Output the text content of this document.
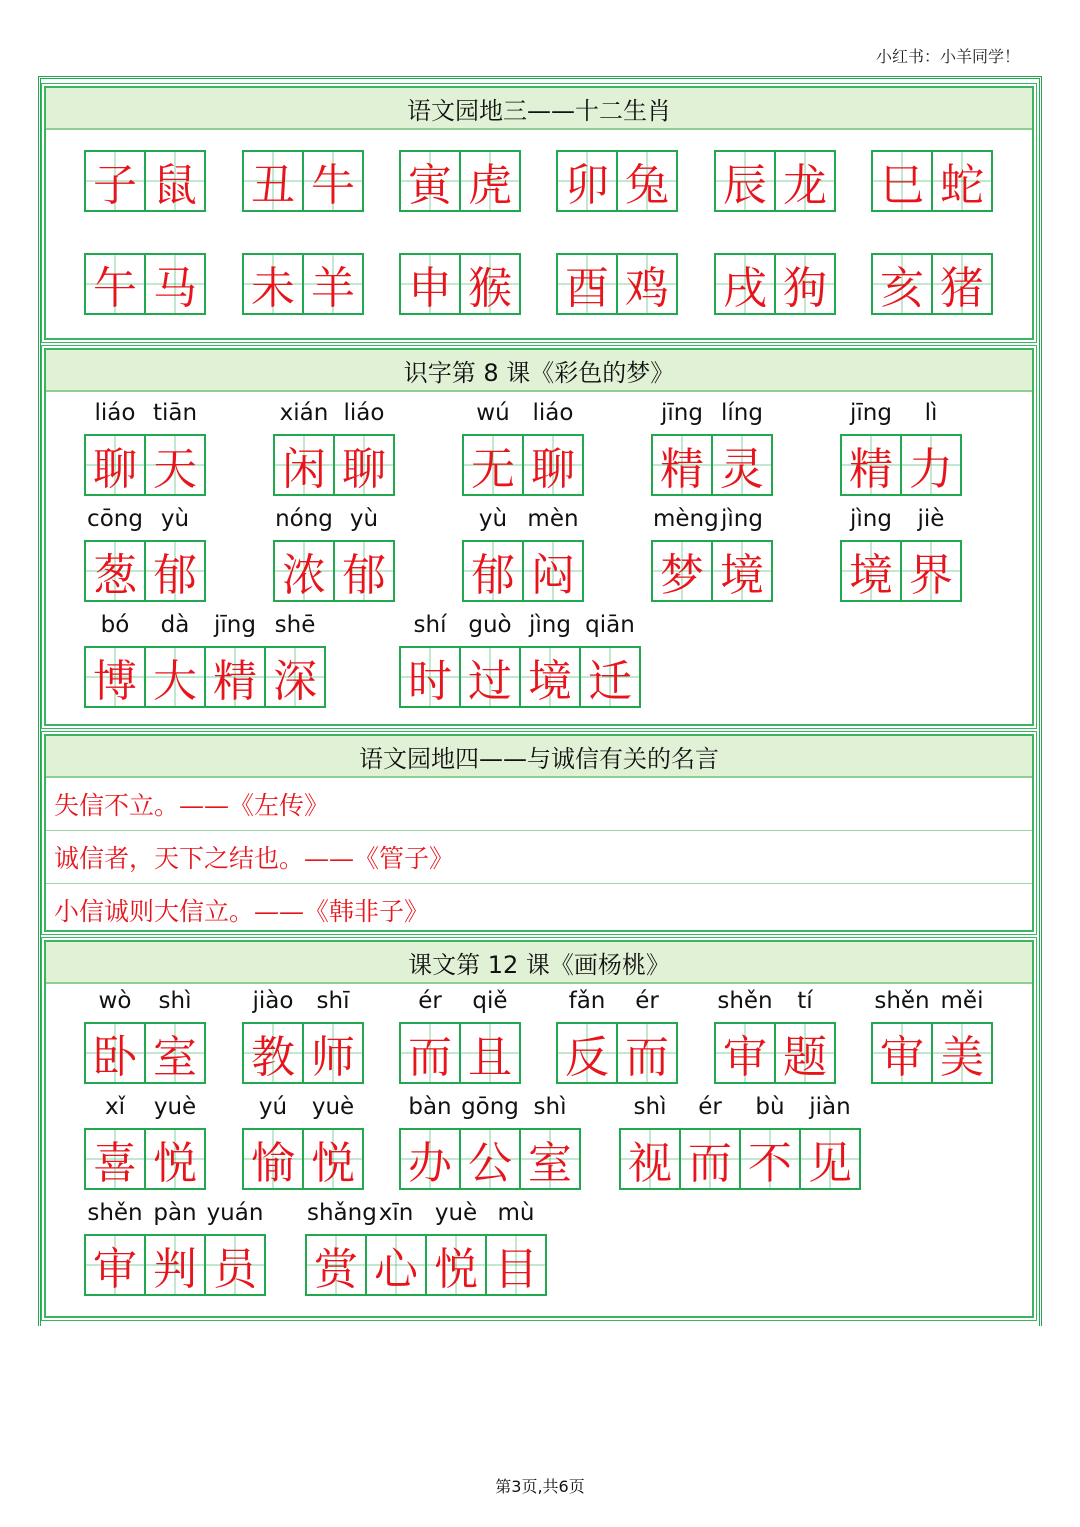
小红书：小羊同学！
语文园地三——十二生肖
子 鼠 丑 牛 寅 虎 卯 兔 辰 龙 巳 蛇
午 马 未 羊 申 猴 酉 鸡 戌 狗 亥 猪
识字第 8 课《彩色的梦》
聊
liáo
天
tiān
闲
xián
聊
liáo
无
wú
聊
liáo
精
jīng
灵
líng
精
jīng
力
lì
葱
cōng
郁
yù
浓
nóng
郁
yù
郁
yù
闷
mèn
梦
mèng
境
jìng
境
jìng
界
jiè
博
bó
大
dà
精
jīng
深
shē
时
shí
过
guò
境
jìng
迁
qiān
语文园地四——与诚信有关的名言
失信不立。——《左传》
诚信者，天下之结也。——《管子》
小信诚则大信立。——《韩非子》
课文第 12 课《画杨桃》
卧
wò
室
shì
教
jiào
师
shī
而
ér
且
qiě
反
fǎn
而
ér
审
shěn
题
tí
审
shěn
美
měi
喜
xǐ
悦
yuè
愉
yú
悦
yuè
办
bàn
公
gōng
室
shì
视
shì
而
ér
不
bù
见
jiàn
审
shěn
判
pàn
员
yuán
赏
shǎng
心
xīn
悦
yuè
目
mù
第3页,共6页
